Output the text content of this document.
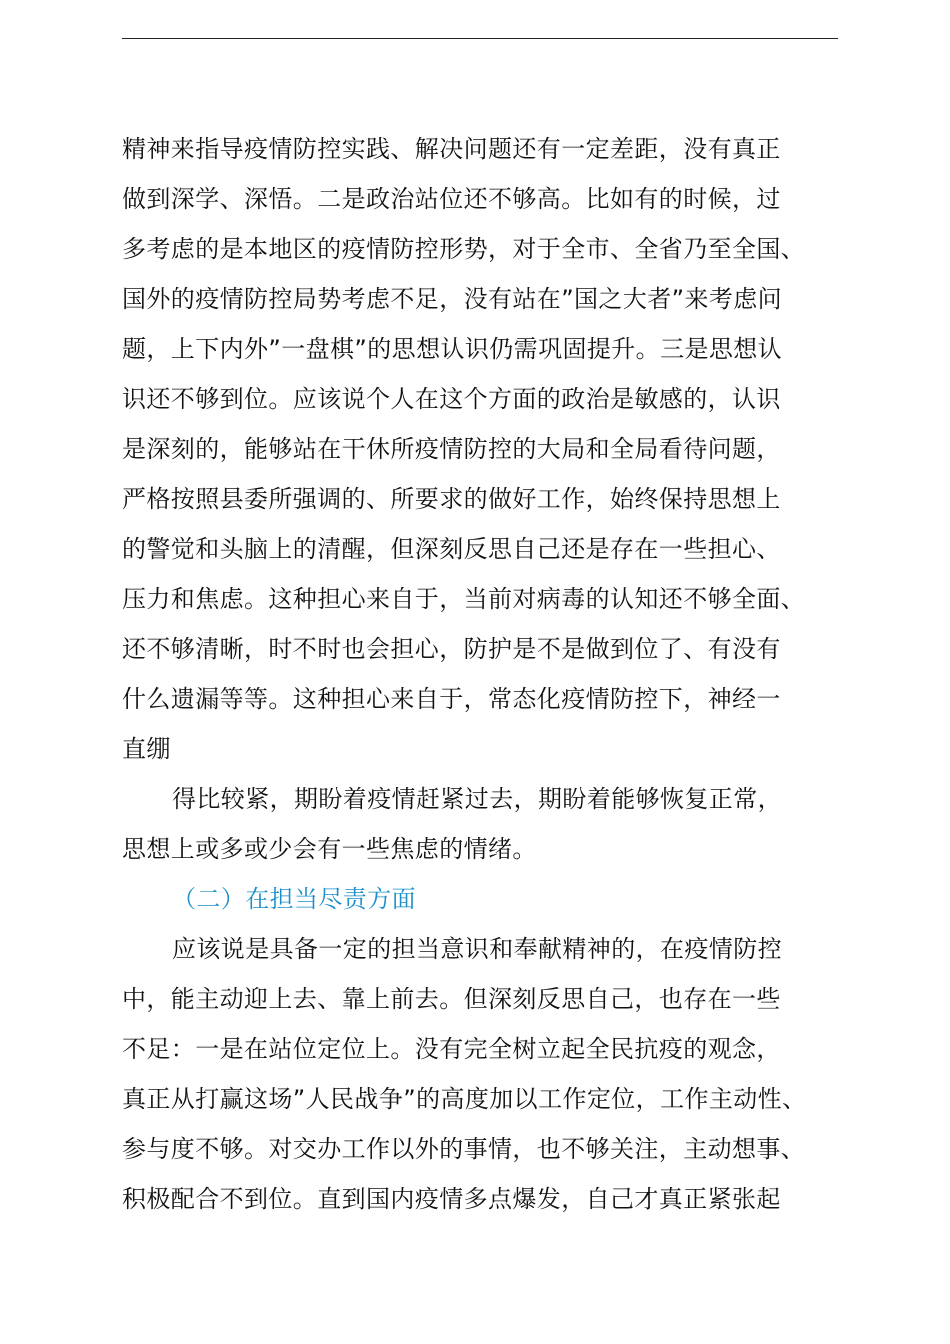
精神来指导疫情防控实践、解决问题还有一定差距，没有真正
做到深学、深悟。二是政治站位还不够高。比如有的时候，过
多考虑的是本地区的疫情防控形势，对于全市、全省乃至全国、
国外的疫情防控局势考虑不足，没有站在”国之大者”来考虑问
题，上下内外”一盘棋”的思想认识仍需巩固提升。三是思想认
识还不够到位。应该说个人在这个方面的政治是敏感的，认识
是深刻的，能够站在干休所疫情防控的大局和全局看待问题，
严格按照县委所强调的、所要求的做好工作，始终保持思想上
的警觉和头脑上的清醒，但深刻反思自己还是存在一些担心、
压力和焦虑。这种担心来自于，当前对病毒的认知还不够全面、
还不够清晰，时不时也会担心，防护是不是做到位了、有没有
什么遗漏等等。这种担心来自于，常态化疫情防控下，神经一
直绷
得比较紧，期盼着疫情赶紧过去，期盼着能够恢复正常，
思想上或多或少会有一些焦虑的情绪。
（二）在担当尽责方面
应该说是具备一定的担当意识和奉献精神的，在疫情防控
中，能主动迎上去、靠上前去。但深刻反思自己，也存在一些
不足：一是在站位定位上。没有完全树立起全民抗疫的观念，
真正从打赢这场”人民战争”的高度加以工作定位，工作主动性、
参与度不够。对交办工作以外的事情，也不够关注，主动想事、
积极配合不到位。直到国内疫情多点爆发，自己才真正紧张起
